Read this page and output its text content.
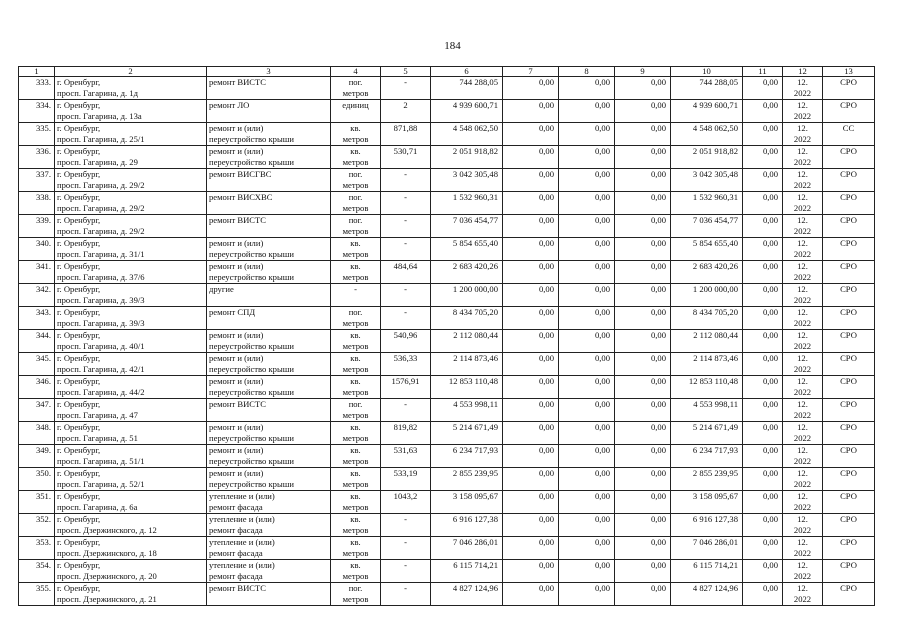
184
1	2	3	4	5	6	7	8	9	10	11	12	13

333.	г. Оренбург,
просп. Гагарина, д. 1д	ремонт ВИСТС	пог.
метров	-	744 288,05	0,00	0,00	0,00	744 288,05	0,00	12.
2022	СРО

334.	г. Оренбург,
просп. Гагарина, д. 13а	ремонт ЛО	единиц	2	4 939 600,71	0,00	0,00	0,00	4 939 600,71	0,00	12.
2022	СРО

335.	г. Оренбург,
просп. Гагарина, д. 25/1	ремонт и (или)
переустройство крыши	кв.
метров	871,88	4 548 062,50	0,00	0,00	0,00	4 548 062,50	0,00	12.
2022	СС

336.	г. Оренбург,
просп. Гагарина, д. 29	ремонт и (или)
переустройство крыши	кв.
метров	530,71	2 051 918,82	0,00	0,00	0,00	2 051 918,82	0,00	12.
2022	СРО

337.	г. Оренбург,
просп. Гагарина, д. 29/2	ремонт ВИСГВС	пог.
метров	-	3 042 305,48	0,00	0,00	0,00	3 042 305,48	0,00	12.
2022	СРО

338.	г. Оренбург,
просп. Гагарина, д. 29/2	ремонт ВИСХВС	пог.
метров	-	1 532 960,31	0,00	0,00	0,00	1 532 960,31	0,00	12.
2022	СРО

339.	г. Оренбург,
просп. Гагарина, д. 29/2	ремонт ВИСТС	пог.
метров	-	7 036 454,77	0,00	0,00	0,00	7 036 454,77	0,00	12.
2022	СРО

340.	г. Оренбург,
просп. Гагарина, д. 31/1	ремонт и (или)
переустройство крыши	кв.
метров	-	5 854 655,40	0,00	0,00	0,00	5 854 655,40	0,00	12.
2022	СРО

341.	г. Оренбург,
просп. Гагарина, д. 37/6	ремонт и (или)
переустройство крыши	кв.
метров	484,64	2 683 420,26	0,00	0,00	0,00	2 683 420,26	0,00	12.
2022	СРО

342.	г. Оренбург,
просп. Гагарина, д. 39/3	другие	-	-	1 200 000,00	0,00	0,00	0,00	1 200 000,00	0,00	12.
2022	СРО

343.	г. Оренбург,
просп. Гагарина, д. 39/3	ремонт СПД	пог.
метров	-	8 434 705,20	0,00	0,00	0,00	8 434 705,20	0,00	12.
2022	СРО

344.	г. Оренбург,
просп. Гагарина, д. 40/1	ремонт и (или)
переустройство крыши	кв.
метров	540,96	2 112 080,44	0,00	0,00	0,00	2 112 080,44	0,00	12.
2022	СРО

345.	г. Оренбург,
просп. Гагарина, д. 42/1	ремонт и (или)
переустройство крыши	кв.
метров	536,33	2 114 873,46	0,00	0,00	0,00	2 114 873,46	0,00	12.
2022	СРО

346.	г. Оренбург,
просп. Гагарина, д. 44/2	ремонт и (или)
переустройство крыши	кв.
метров	1576,91	12 853 110,48	0,00	0,00	0,00	12 853 110,48	0,00	12.
2022	СРО

347.	г. Оренбург,
просп. Гагарина, д. 47	ремонт ВИСТС	пог.
метров	-	4 553 998,11	0,00	0,00	0,00	4 553 998,11	0,00	12.
2022	СРО

348.	г. Оренбург,
просп. Гагарина, д. 51	ремонт и (или)
переустройство крыши	кв.
метров	819,82	5 214 671,49	0,00	0,00	0,00	5 214 671,49	0,00	12.
2022	СРО

349.	г. Оренбург,
просп. Гагарина, д. 51/1	ремонт и (или)
переустройство крыши	кв.
метров	531,63	6 234 717,93	0,00	0,00	0,00	6 234 717,93	0,00	12.
2022	СРО

350.	г. Оренбург,
просп. Гагарина, д. 52/1	ремонт и (или)
переустройство крыши	кв.
метров	533,19	2 855 239,95	0,00	0,00	0,00	2 855 239,95	0,00	12.
2022	СРО

351.	г. Оренбург,
просп. Гагарина, д. 6а	утепление и (или)
ремонт фасада	кв.
метров	1043,2	3 158 095,67	0,00	0,00	0,00	3 158 095,67	0,00	12.
2022	СРО

352.	г. Оренбург,
просп. Дзержинского, д. 12	утепление и (или)
ремонт фасада	кв.
метров	-	6 916 127,38	0,00	0,00	0,00	6 916 127,38	0,00	12.
2022	СРО

353.	г. Оренбург,
просп. Дзержинского, д. 18	утепление и (или)
ремонт фасада	кв.
метров	-	7 046 286,01	0,00	0,00	0,00	7 046 286,01	0,00	12.
2022	СРО

354.	г. Оренбург,
просп. Дзержинского, д. 20	утепление и (или)
ремонт фасада	кв.
метров	-	6 115 714,21	0,00	0,00	0,00	6 115 714,21	0,00	12.
2022	СРО

355.	г. Оренбург,
просп. Дзержинского, д. 21	ремонт ВИСТС	пог.
метров	-	4 827 124,96	0,00	0,00	0,00	4 827 124,96	0,00	12.
2022	СРО
